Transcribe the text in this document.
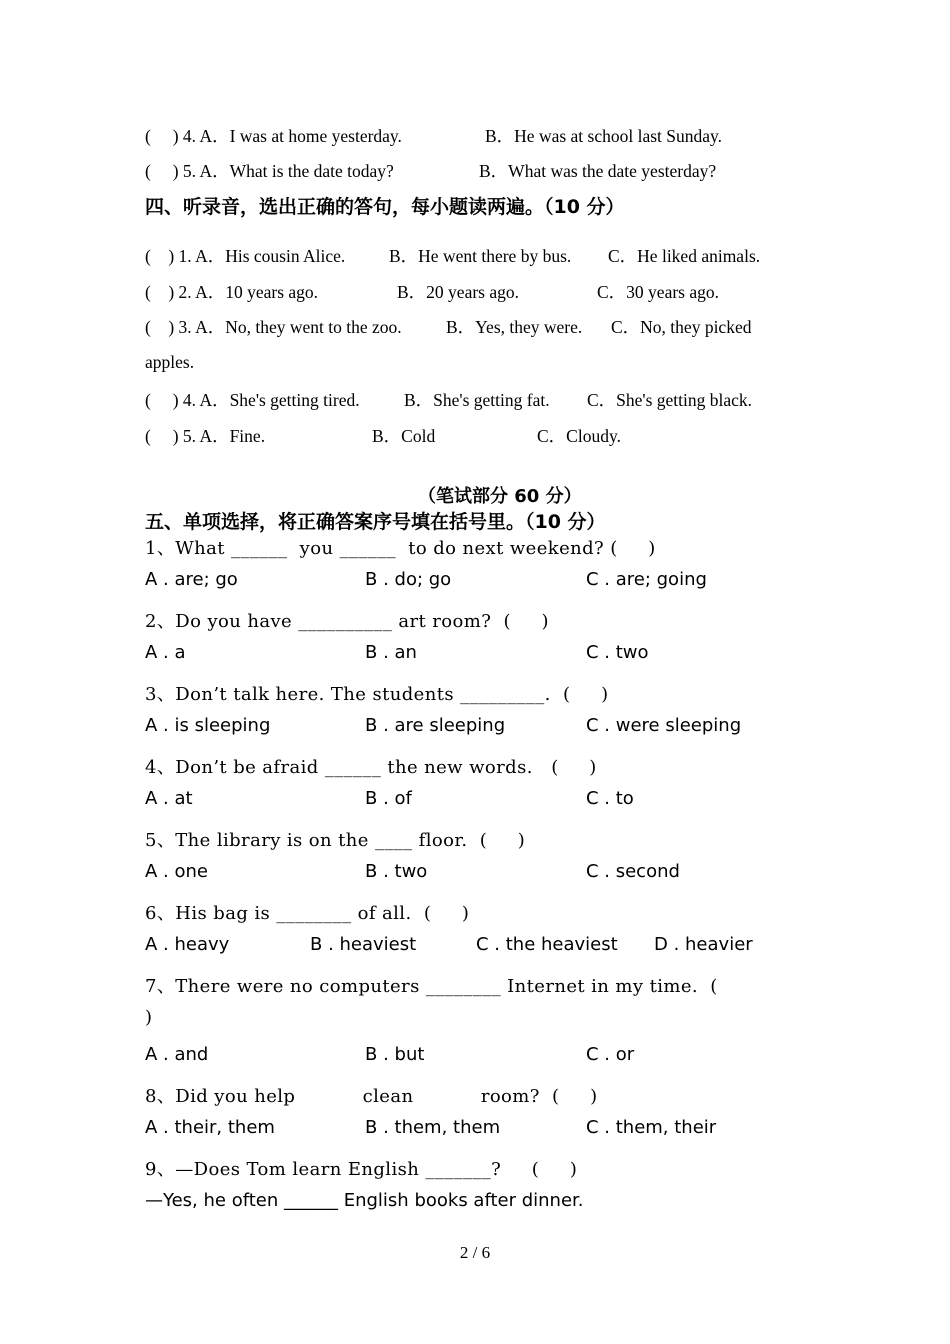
(     ) 4. A．I was at home yesterday.	B．He was at school last Sunday.
(     ) 5. A．What is the date today?	B．What was the date yesterday?
四、听录音，选出正确的答句，每小题读两遍。（10 分）
(    ) 1. A．His cousin Alice. B．He went there by bus. C．He liked animals.
(    ) 2. A．10 years ago.	B．20 years ago.	C．30 years ago.
(    ) 3. A．No, they went to the zoo.	B．Yes, they were. C．No, they picked
apples.
(     ) 4. A．She's getting tired.	B．She's getting fat. C．She's getting black.
(     ) 5. A．Fine.	B．Cold	C．Cloudy.
（笔试部分 60 分）
五、单项选择，将正确答案序号填在括号里。（10 分）
1、What ______  you ______  to do next weekend? (     )
A . are; go	B . do; go	C . are; going
2、Do you have __________ art room?  (     )
A . a	B . an	C . two
3、Don’t talk here. The students _________.  (     )
A . is sleeping	B . are sleeping	C . were sleeping
4、Don’t be afraid ______ the new words.   (     )
A . at	B . of	C . to
5、The library is on the ____ floor.  (     )
A . one	B . two	C . second
6、His bag is ________ of all.  (     )
A . heavy	B . heaviest	C . the heaviest D . heavier
7、There were no computers ________ Internet in my time.  (
)
A . and	B . but	C . or
8、Did you help           clean           room?  (     )
A . their, them	B . them, them	C . them, their
9、—Does Tom learn English _______?     (     )
—Yes, he often ______ English books after dinner.
2 / 6
